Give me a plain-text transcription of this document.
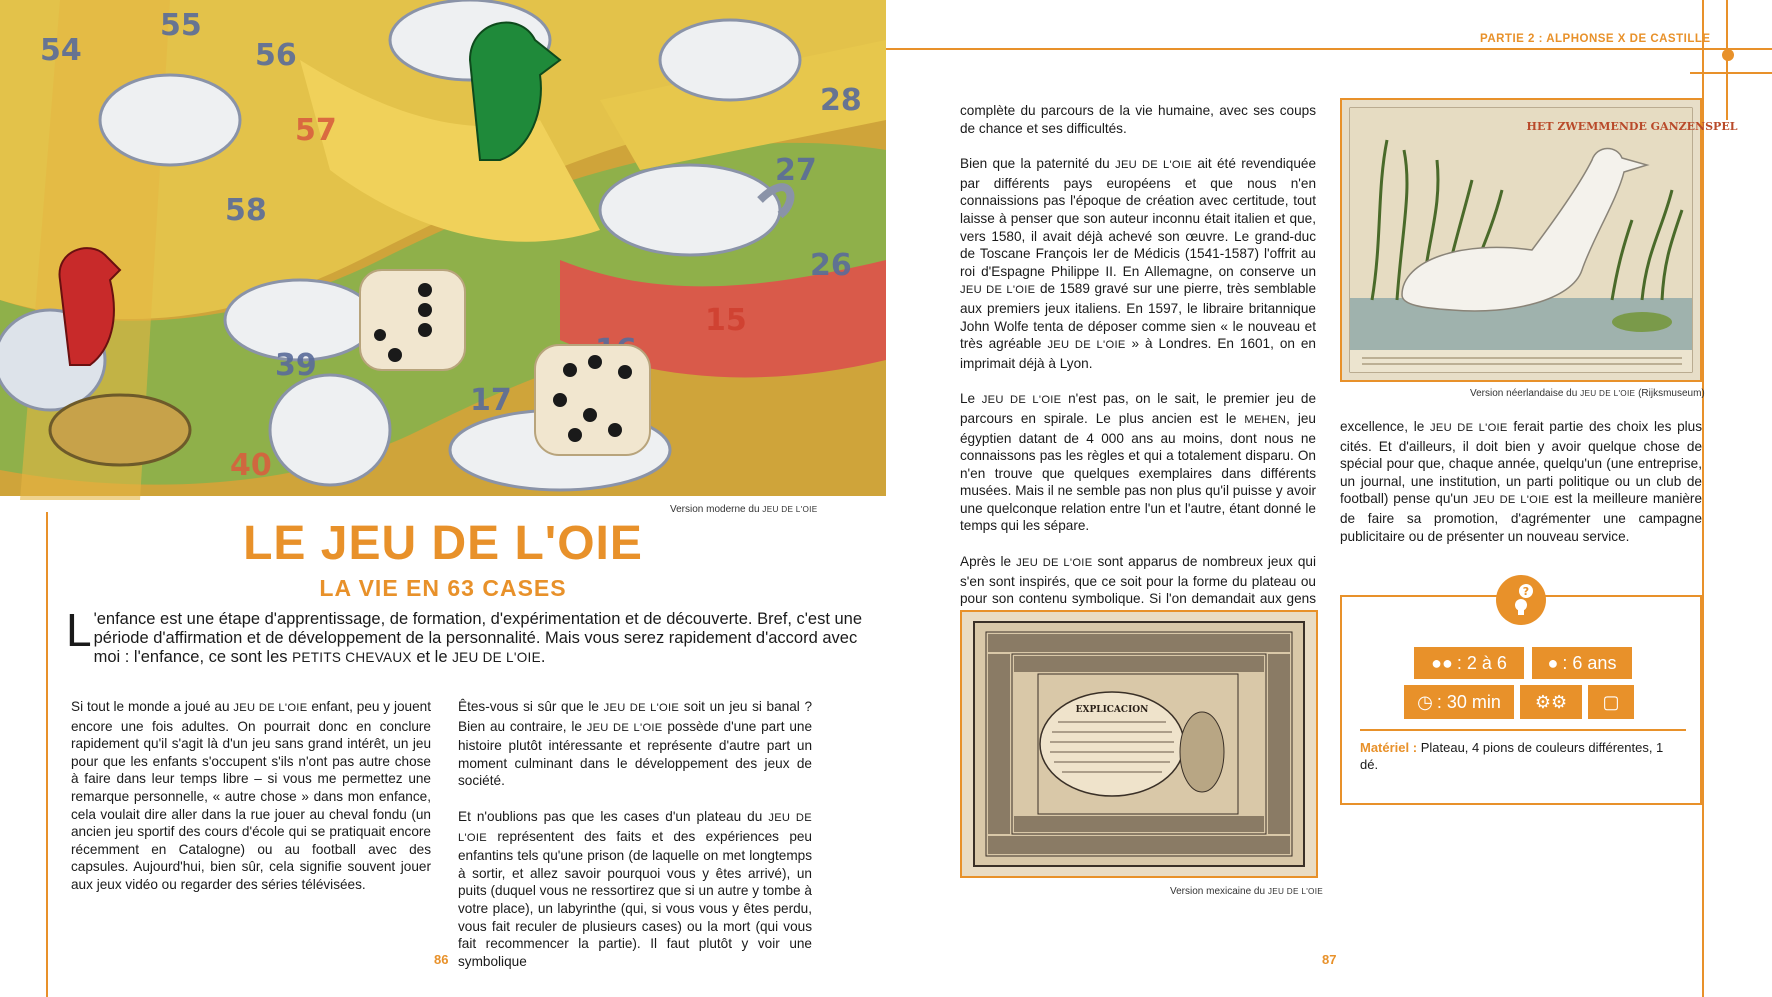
55
54	56
57
58
28
27
26
15
17
39
40
Version moderne du JEU DE L'OIE
LE JEU DE L'OIE
LA VIE EN 63 CASES
L 'enfance est une étape d'apprentissage, de formation, d'expérimentation et de découverte. Bref, c'est une période d'affirmation et de développement de la personnalité. Mais vous serez rapidement d'accord avec moi : l'enfance, ce sont les PETITS CHEVAUX et le JEU DE L'OIE.

Si tout le monde a joué au JEU DE L'OIE enfant, peu y jouent encore une fois adultes. On pourrait donc en conclure rapidement qu'il s'agit là d'un jeu sans grand intérêt, un jeu pour que les enfants s'occupent s'ils n'ont pas autre chose à faire dans leur temps libre – si vous me permettez une remarque personnelle, « autre chose » dans mon enfance, cela voulait dire aller dans la rue jouer au cheval fondu (un ancien jeu sportif des cours d'école qui se pratiquait encore récemment en Catalogne) ou au football avec des capsules. Aujourd'hui, bien sûr, cela signifie souvent jouer aux jeux vidéo ou regarder des séries télévisées.

Êtes-vous si sûr que le JEU DE L'OIE soit un jeu si banal ? Bien au contraire, le JEU DE L'OIE possède d'une part une histoire plutôt intéressante et représente d'autre part un moment culminant dans le développement des jeux de société.

Et n'oublions pas que les cases d'un plateau du JEU DE L'OIE représentent des faits et des expériences peu enfantins tels qu'une prison (de laquelle on met longtemps à sortir, et allez savoir pourquoi vous y êtes arrivé), un puits (duquel vous ne ressortirez que si un autre y tombe à votre place), un labyrinthe (qui, si vous vous y êtes perdu, vous fait reculer de plusieurs cases) ou la mort (qui vous fait recommencer la partie). Il faut plutôt y voir une symbolique

86
PARTIE 2 : ALPHONSE X DE CASTILLE

complète du parcours de la vie humaine, avec ses coups de chance et ses difficultés.

Bien que la paternité du JEU DE L'OIE ait été revendiquée par différents pays européens et que nous n'en connaissions pas l'époque de création avec certitude, tout laisse à penser que son auteur inconnu était italien et que, vers 1580, il avait déjà achevé son œuvre. Le grand-duc de Toscane François Ier de Médicis (1541-1587) l'offrit au roi d'Espagne Philippe II. En Allemagne, on conserve un JEU DE L'OIE de 1589 gravé sur une pierre, très semblable aux premiers jeux italiens. En 1597, le libraire britannique John Wolfe tenta de déposer comme sien « le nouveau et très agréable JEU DE L'OIE » à Londres. En 1601, on en imprimait déjà à Lyon.

Le JEU DE L'OIE n'est pas, on le sait, le premier jeu de parcours en spirale. Le plus ancien est le MEHEN, jeu égyptien datant de 4 000 ans au moins, dont nous ne connaissons pas les règles et qui a totalement disparu. On n'en trouve que quelques exemplaires dans différents musées. Mais il ne semble pas non plus qu'il puisse y avoir une quelconque relation entre l'un et l'autre, étant donné le temps qui les sépare.

Après le JEU DE L'OIE sont apparus de nombreux jeux qui s'en sont inspirés, que ce soit pour la forme du plateau ou pour son contenu symbolique. Si l'on demandait aux gens

EXPLICACION
Version mexicaine du JEU DE L'OIE
HET ZWEMMENDE GANZENSPEL
Version néerlandaise du JEU DE L'OIE (Rijksmuseum)

excellence, le JEU DE L'OIE ferait partie des choix les plus cités. Et d'ailleurs, il doit bien y avoir quelque chose de spécial pour que, chaque année, quelqu'un (une entreprise, un journal, une institution, un parti politique ou un club de football) pense qu'un JEU DE L'OIE est la meilleure manière de faire sa promotion, d'agrémenter une campagne publicitaire ou de présenter un nouveau service.

?
●● : 2 à 6 ● : 6 ans
◷ : 30 min	⚙⚙	▢
Matériel : Plateau, 4 pions de couleurs différentes, 1 dé.
87
